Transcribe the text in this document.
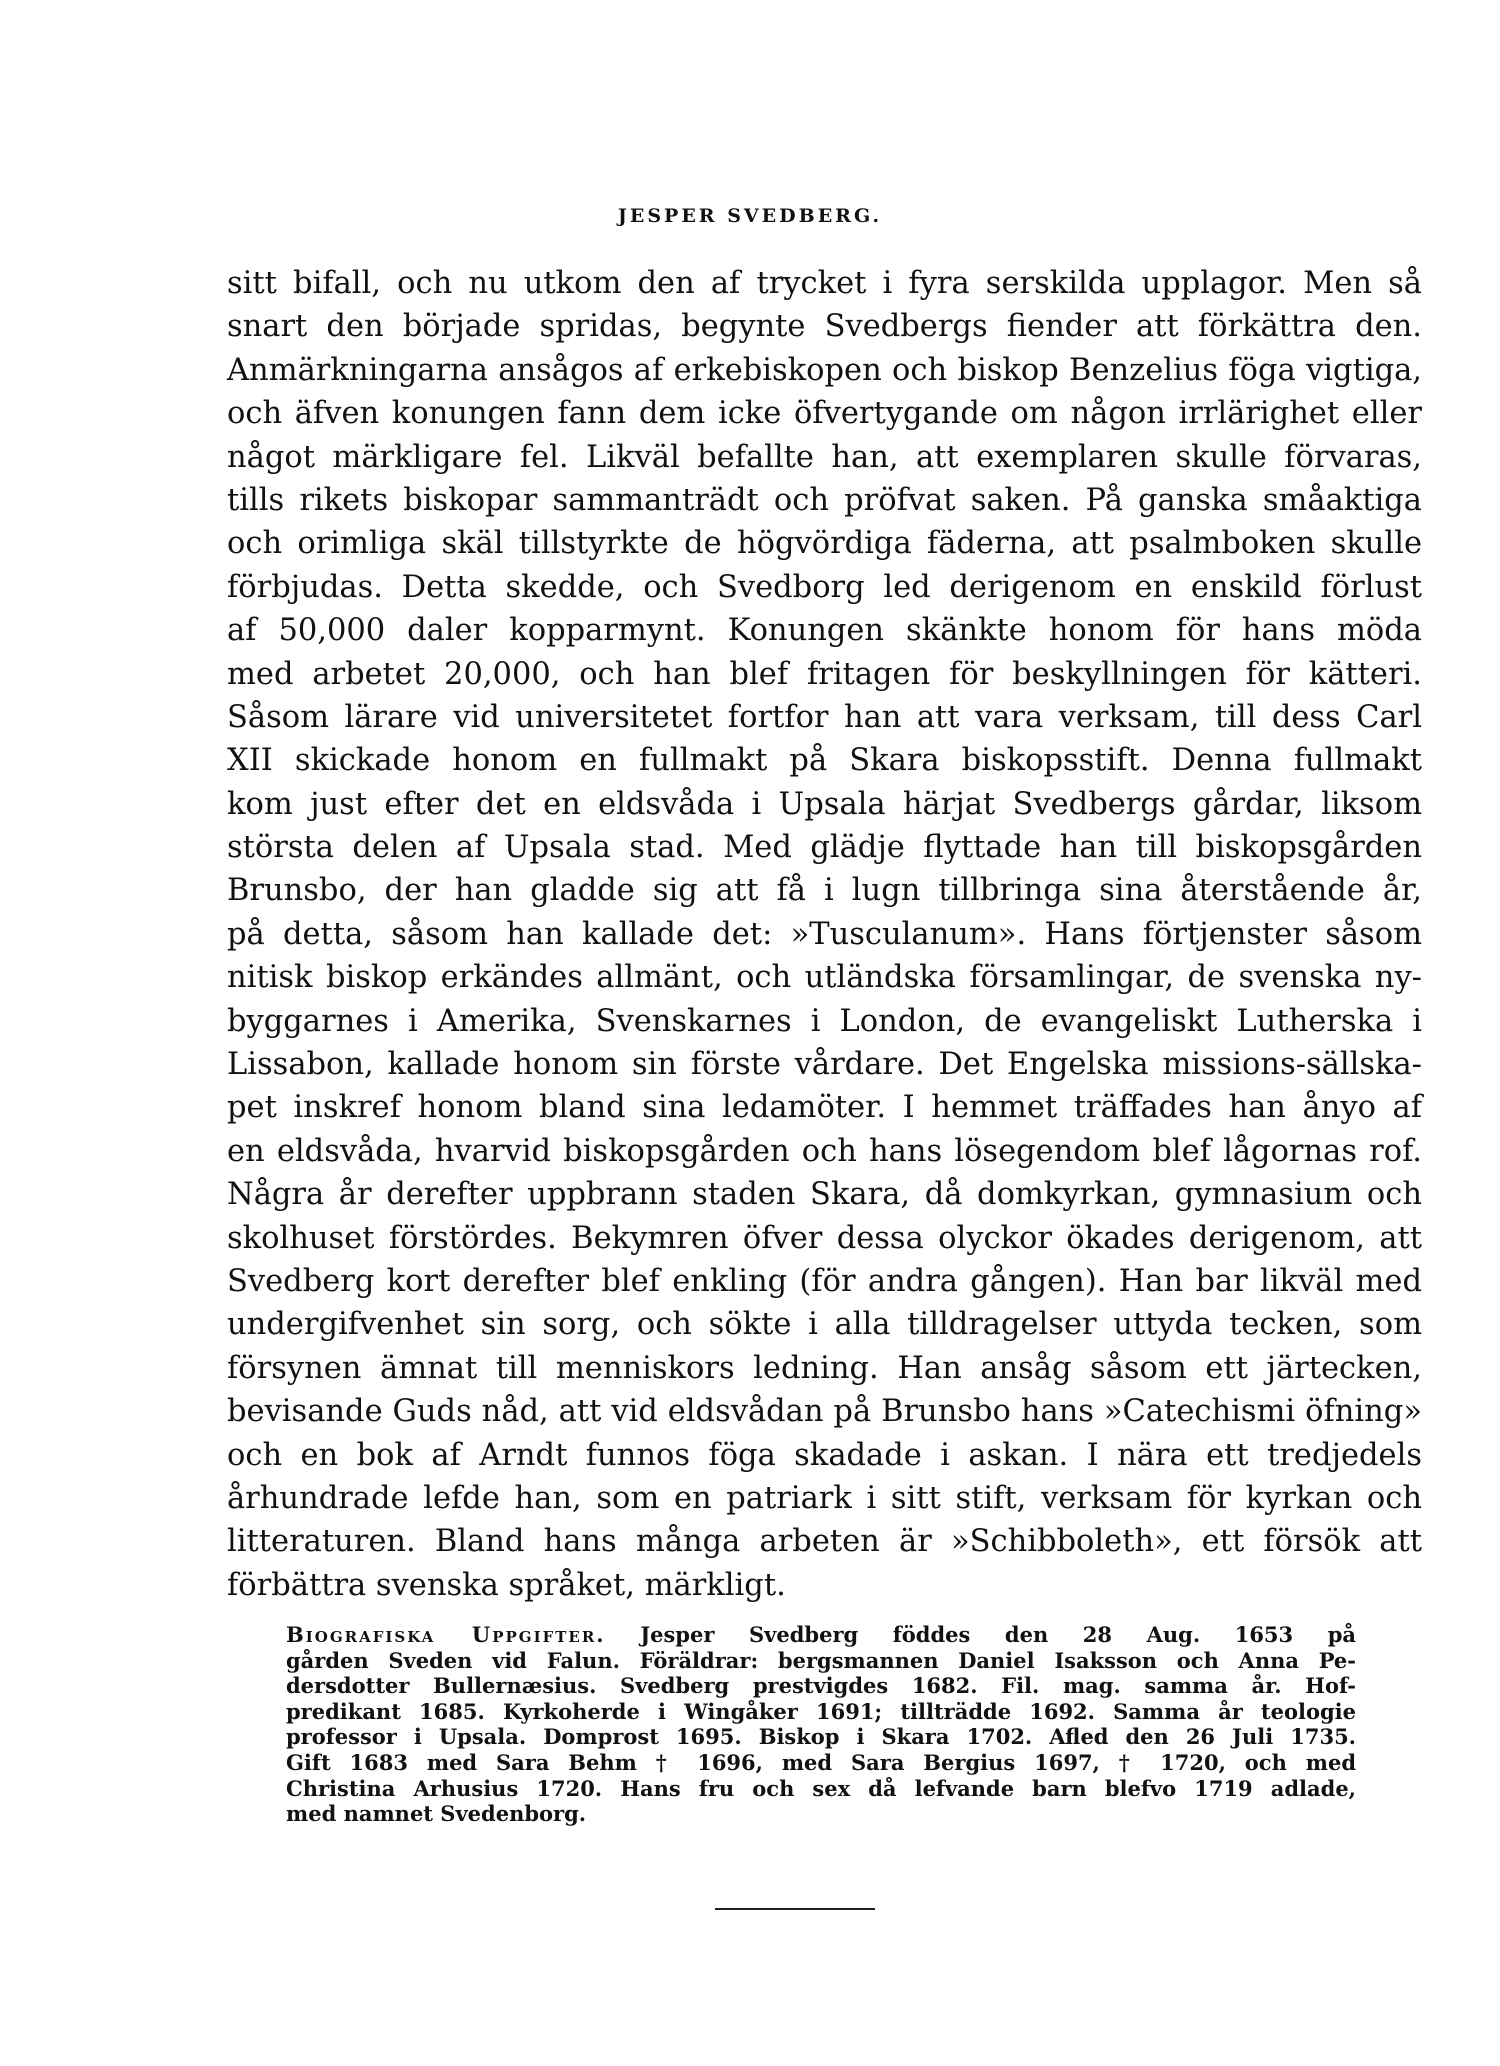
JESPER SVEDBERG.
sitt bifall, och nu utkom den af trycket i fyra serskilda upplagor. Men så
snart den började spridas, begynte Svedbergs fiender att förkättra den.
Anmärkningarna ansågos af erkebiskopen och biskop Benzelius föga vigtiga,
och äfven konungen fann dem icke öfvertygande om någon irrlärighet eller
något märkligare fel. Likväl befallte han, att exemplaren skulle förvaras,
tills rikets biskopar sammanträdt och pröfvat saken. På ganska småaktiga
och orimliga skäl tillstyrkte de högvördiga fäderna, att psalmboken skulle
förbjudas. Detta skedde, och Svedborg led derigenom en enskild förlust
af 50,000 daler kopparmynt. Konungen skänkte honom för hans möda
med arbetet 20,000, och han blef fritagen för beskyllningen för kätteri.
Såsom lärare vid universitetet fortfor han att vara verksam, till dess Carl
XII skickade honom en fullmakt på Skara biskopsstift. Denna fullmakt
kom just efter det en eldsvåda i Upsala härjat Svedbergs gårdar, liksom
största delen af Upsala stad. Med glädje flyttade han till biskopsgården
Brunsbo, der han gladde sig att få i lugn tillbringa sina återstående år,
på detta, såsom han kallade det: »Tusculanum». Hans förtjenster såsom
nitisk biskop erkändes allmänt, och utländska församlingar, de svenska ny-
byggarnes i Amerika, Svenskarnes i London, de evangeliskt Lutherska i
Lissabon, kallade honom sin förste vårdare. Det Engelska missions-sällska-
pet inskref honom bland sina ledamöter. I hemmet träffades han ånyo af
en eldsvåda, hvarvid biskopsgården och hans lösegendom blef lågornas rof.
Några år derefter uppbrann staden Skara, då domkyrkan, gymnasium och
skolhuset förstördes. Bekymren öfver dessa olyckor ökades derigenom, att
Svedberg kort derefter blef enkling (för andra gången). Han bar likväl med
undergifvenhet sin sorg, och sökte i alla tilldragelser uttyda tecken, som
försynen ämnat till menniskors ledning. Han ansåg såsom ett järtecken,
bevisande Guds nåd, att vid eldsvådan på Brunsbo hans »Catechismi öfning»
och en bok af Arndt funnos föga skadade i askan. I nära ett tredjedels
århundrade lefde han, som en patriark i sitt stift, verksam för kyrkan och
litteraturen. Bland hans många arbeten är »Schibboleth», ett försök att
förbättra svenska språket, märkligt.
Biografiska Uppgifter. Jesper Svedberg föddes den 28 Aug. 1653 på
gården Sveden vid Falun. Föräldrar: bergsmannen Daniel Isaksson och Anna Pe-
dersdotter Bullernæsius. Svedberg prestvigdes 1682. Fil. mag. samma år. Hof-
predikant 1685. Kyrkoherde i Wingåker 1691; tillträdde 1692. Samma år teologie
professor i Upsala. Domprost 1695. Biskop i Skara 1702. Afled den 26 Juli 1735.
Gift 1683 med Sara Behm † 1696, med Sara Bergius 1697, † 1720, och med
Christina Arhusius 1720. Hans fru och sex då lefvande barn blefvo 1719 adlade,
med namnet Svedenborg.
